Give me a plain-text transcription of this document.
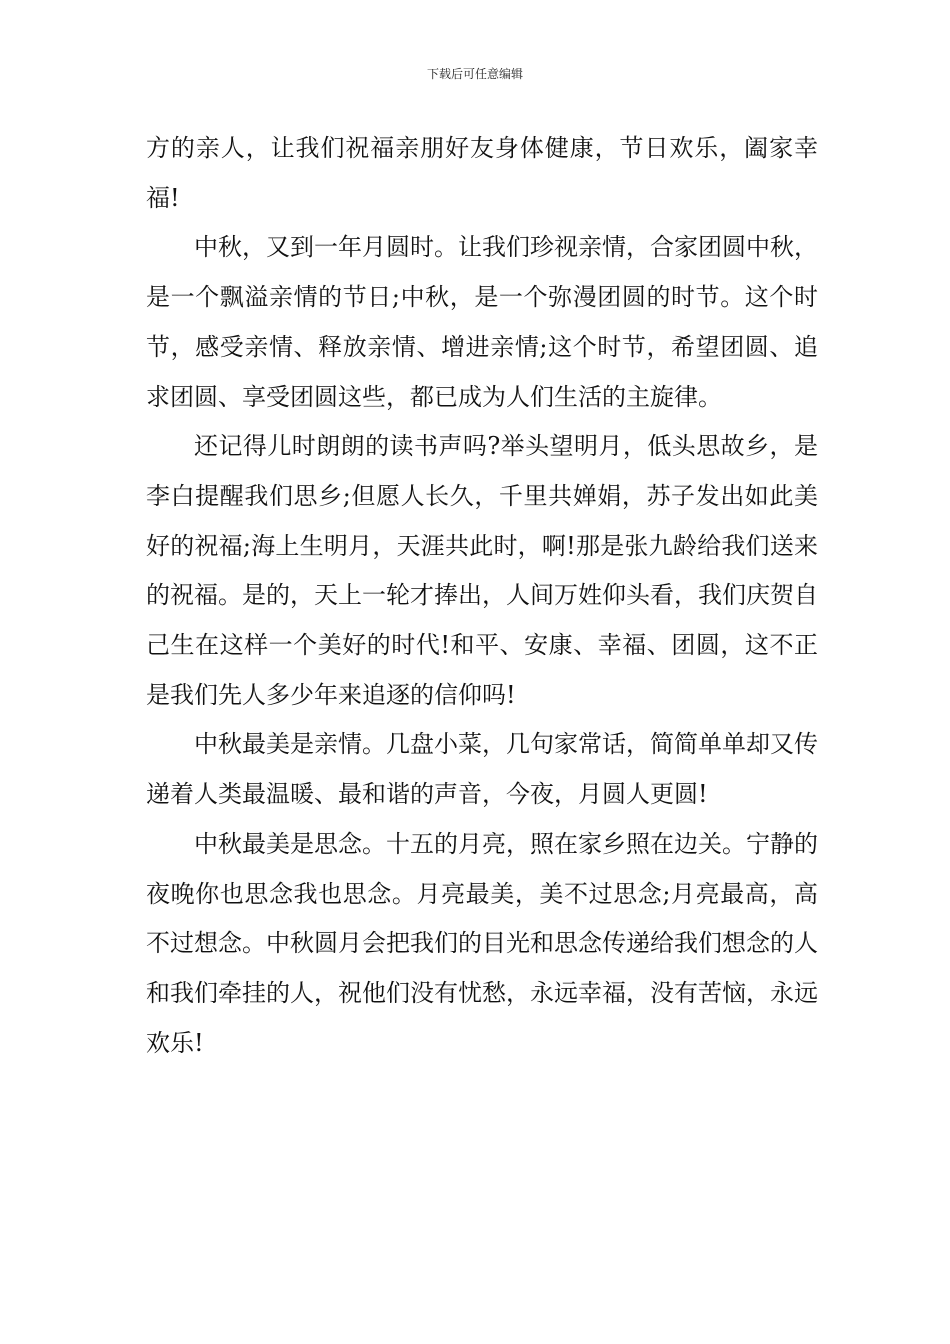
下载后可任意编辑

方的亲人，让我们祝福亲朋好友身体健康，节日欢乐，阖家幸福!

中秋，又到一年月圆时。让我们珍视亲情，合家团圆中秋，是一个飘溢亲情的节日;中秋，是一个弥漫团圆的时节。这个时节，感受亲情、释放亲情、增进亲情;这个时节，希望团圆、追求团圆、享受团圆这些，都已成为人们生活的主旋律。

还记得儿时朗朗的读书声吗?举头望明月，低头思故乡，是李白提醒我们思乡;但愿人长久，千里共婵娟，苏子发出如此美好的祝福;海上生明月，天涯共此时，啊!那是张九龄给我们送来的祝福。是的，天上一轮才捧出，人间万姓仰头看，我们庆贺自己生在这样一个美好的时代!和平、安康、幸福、团圆，这不正是我们先人多少年来追逐的信仰吗!

中秋最美是亲情。几盘小菜，几句家常话，简简单单却又传递着人类最温暖、最和谐的声音，今夜，月圆人更圆!

中秋最美是思念。十五的月亮，照在家乡照在边关。宁静的夜晚你也思念我也思念。月亮最美，美不过思念;月亮最高，高不过想念。中秋圆月会把我们的目光和思念传递给我们想念的人和我们牵挂的人，祝他们没有忧愁，永远幸福，没有苦恼，永远欢乐!
